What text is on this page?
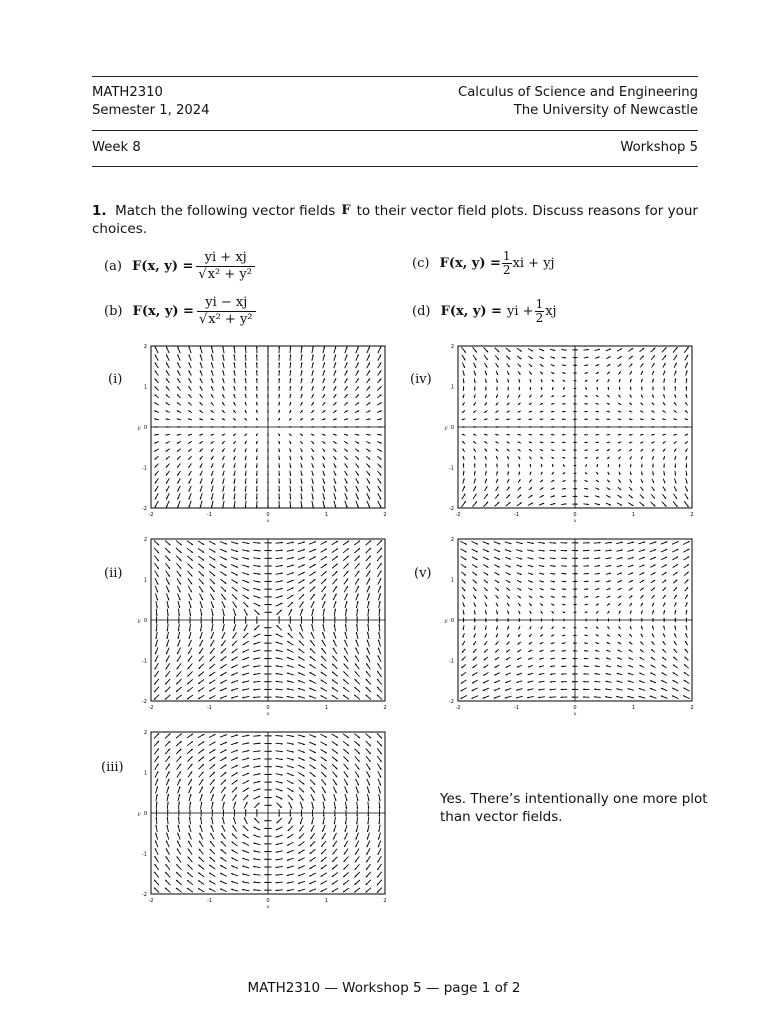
MATH2310
Semester 1, 2024
Calculus of Science and Engineering
The University of Newcastle
Week 8	Workshop 5
1. Match the following vector fields F to their vector field plots. Discuss reasons for your
choices.
(a)
F(x, $y) = \frac{yi + xj}{\text{√x² + y²}}$
(b)
F(x, $y) = \frac{yi - xj}{\text{√x² + y²}}$
(c)
F(x, $y) = \frac{1}{2}$ xi + yj
(d)
F(x, y) =
yi + $\frac{1}{2}$ xj
(i)
(ii)
(iii)
(iv)
(v)
-2	-1	0	1	2
2
1
0
-1
-2
x
y
-2	-1	0	1	2
2
1
0
-1
-2
x
y
-2	-1	0	1	2
2
1
0
-1
-2
x
y
-2	-1	0	1	2
2
1
0
-1
-2
x
y
-2	-1	0	1	2
2
1
0
-1
-2
x
y
Yes. There’s intentionally one more plot
than vector fields.
MATH2310 — Workshop 5 — page 1 of 2
